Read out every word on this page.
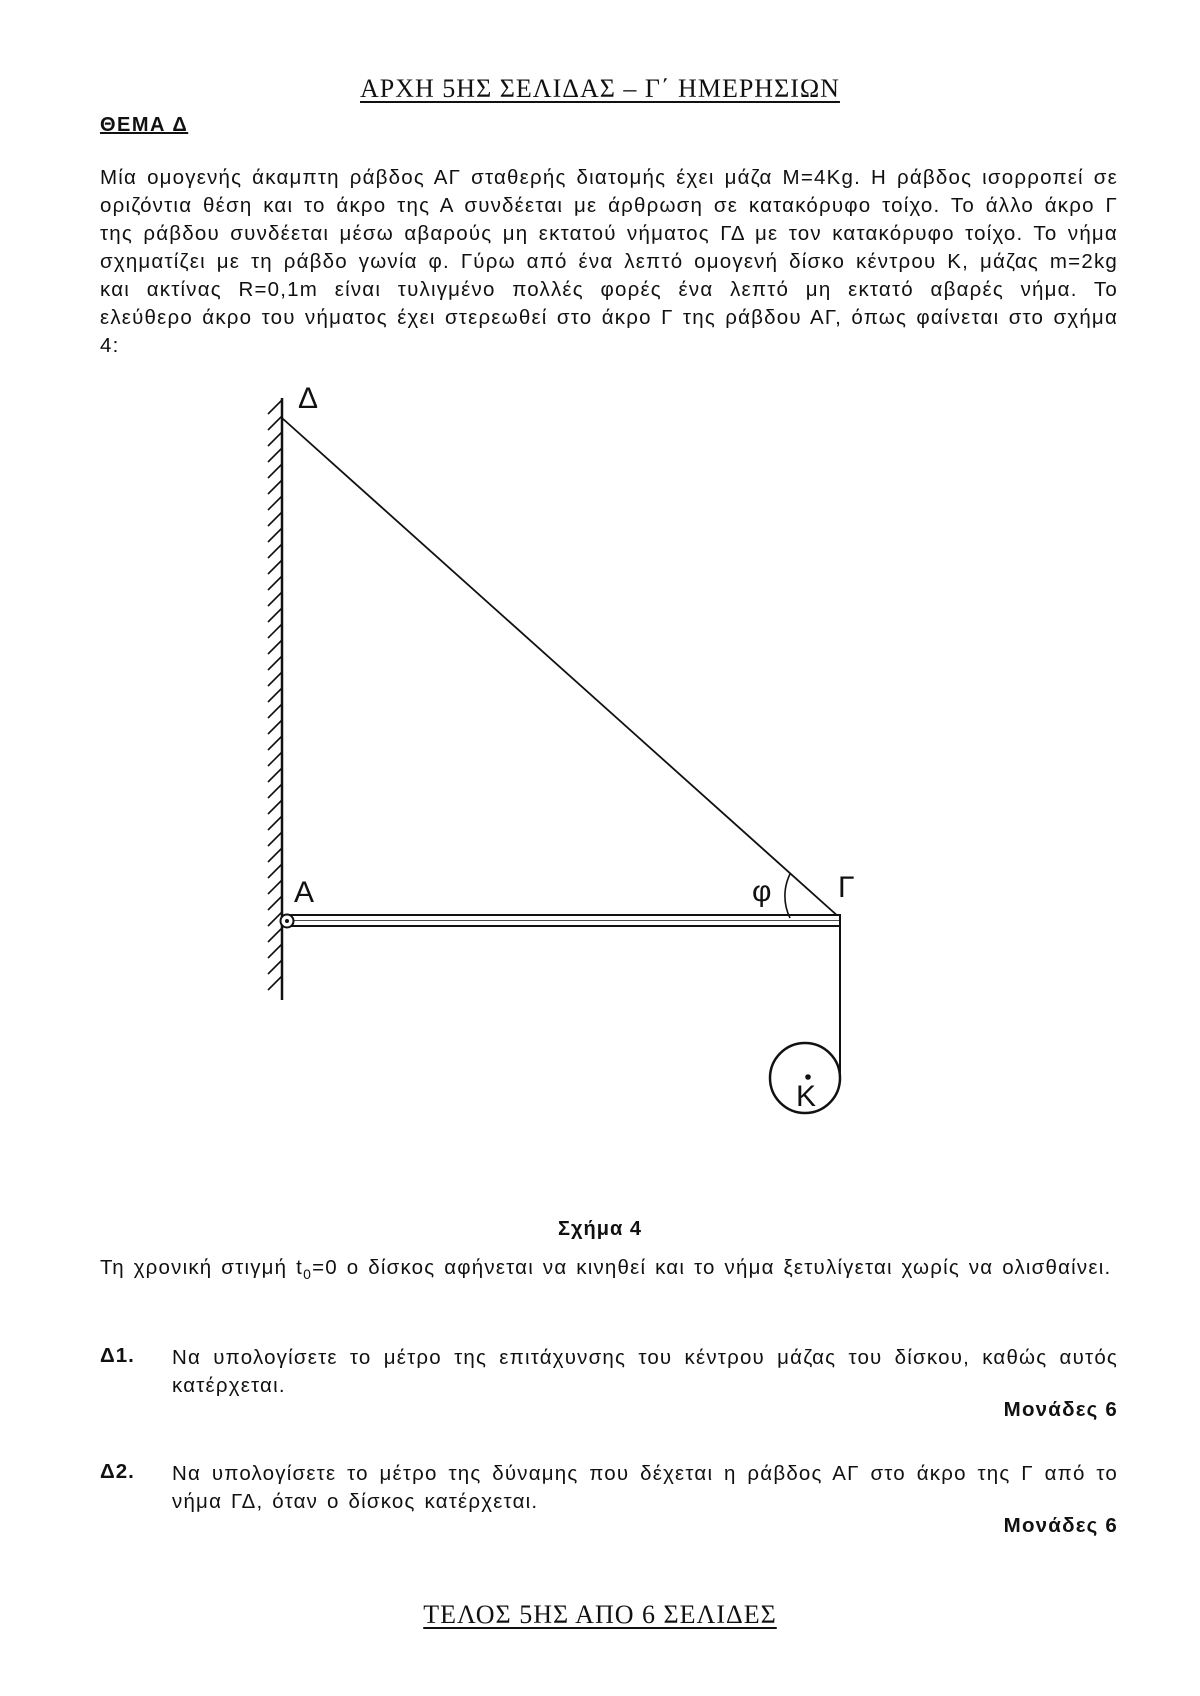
ΑΡΧΗ 5ΗΣ ΣΕΛΙΔΑΣ – Γ΄ ΗΜΕΡΗΣΙΩΝ
ΘΕΜΑ Δ
Μία ομογενής άκαμπτη ράβδος ΑΓ σταθερής διατομής έχει μάζα Μ=4Kg. Η ράβδος ισορροπεί σε οριζόντια θέση και το άκρο της Α συνδέεται με άρθρωση σε κατακόρυφο τοίχο. Το άλλο άκρο Γ της ράβδου συνδέεται μέσω αβαρούς μη εκτατού νήματος ΓΔ με τον κατακόρυφο τοίχο. Το νήμα σχηματίζει με τη ράβδο γωνία φ. Γύρω από ένα λεπτό ομογενή δίσκο κέντρου Κ, μάζας m=2kg και ακτίνας R=0,1m είναι τυλιγμένο πολλές φορές ένα λεπτό μη εκτατό αβαρές νήμα. Το ελεύθερο άκρο του νήματος έχει στερεωθεί στο άκρο Γ της ράβδου ΑΓ, όπως φαίνεται στο σχήμα 4:
Δ
Α	Γ
φ
Κ
Σχήμα 4
Τη χρονική στιγμή $t_0=0$ ο δίσκος αφήνεται να κινηθεί και το νήμα ξετυλίγεται χωρίς να ολισθαίνει.
Δ1. Να υπολογίσετε το μέτρο της επιτάχυνσης του κέντρου μάζας του δίσκου, καθώς αυτός κατέρχεται.
Μονάδες 6
Δ2. Να υπολογίσετε το μέτρο της δύναμης που δέχεται η ράβδος ΑΓ στο άκρο της Γ από το νήμα ΓΔ, όταν ο δίσκος κατέρχεται.
Μονάδες 6
ΤΕΛΟΣ 5ΗΣ ΑΠΟ 6 ΣΕΛΙΔΕΣ
